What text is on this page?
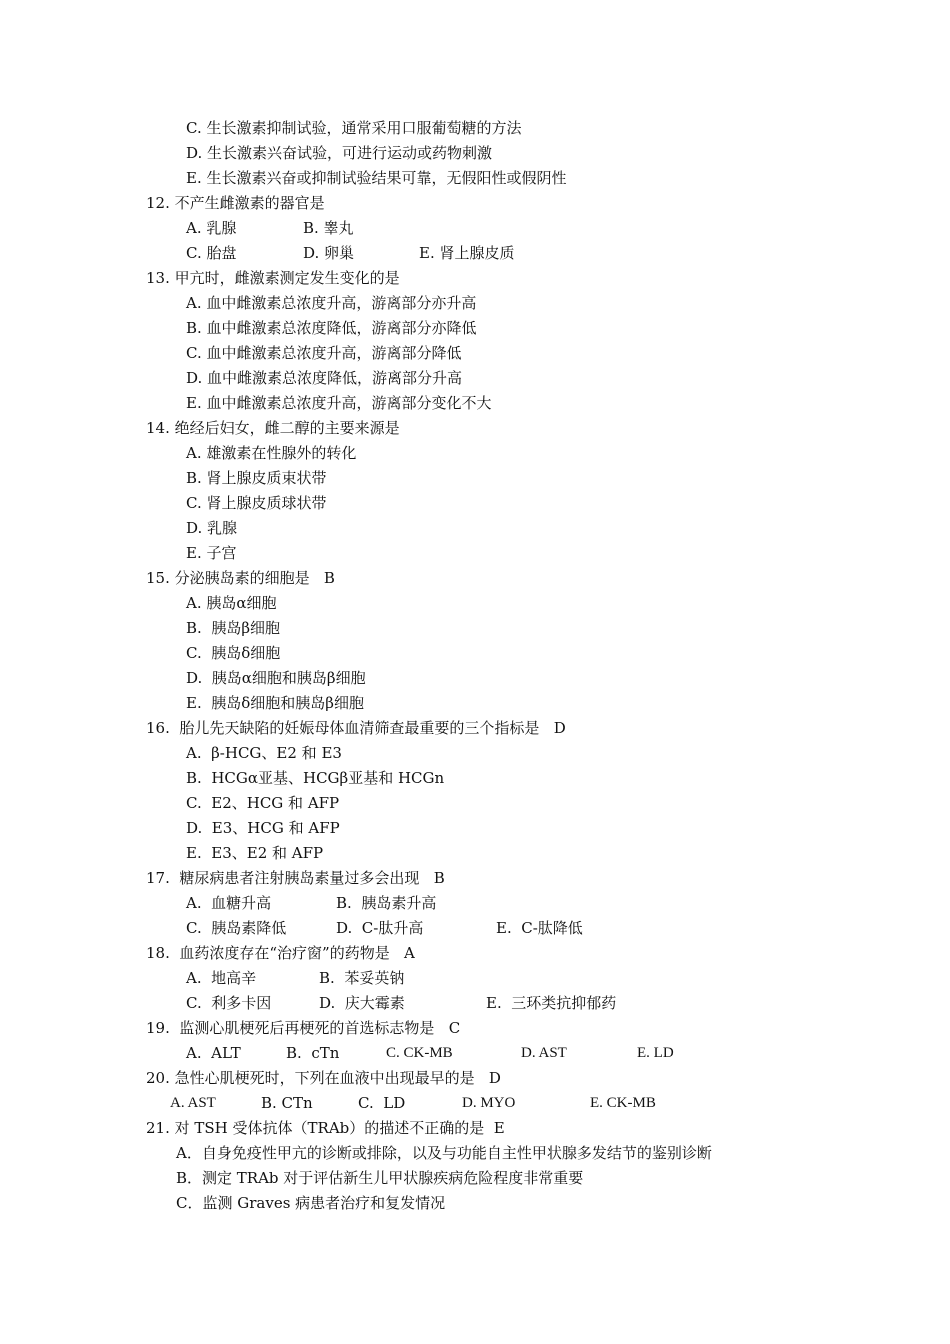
C. 生长激素抑制试验，通常采用口服葡萄糖的方法
D. 生长激素兴奋试验，可进行运动或药物刺激
E. 生长激素兴奋或抑制试验结果可靠，无假阳性或假阴性
12. 不产生雌激素的器官是
A. 乳腺	B. 睾丸
C. 胎盘	D. 卵巢	E. 肾上腺皮质
13. 甲亢时，雌激素测定发生变化的是
A. 血中雌激素总浓度升高，游离部分亦升高
B. 血中雌激素总浓度降低，游离部分亦降低
C. 血中雌激素总浓度升高，游离部分降低
D. 血中雌激素总浓度降低，游离部分升高
E. 血中雌激素总浓度升高，游离部分变化不大
14. 绝经后妇女，雌二醇的主要来源是
A. 雄激素在性腺外的转化
B. 肾上腺皮质束状带
C. 肾上腺皮质球状带
D. 乳腺
E. 子宫
15. 分泌胰岛素的细胞是   B
A. 胰岛α细胞
B.  胰岛β细胞
C.  胰岛δ细胞
D.  胰岛α细胞和胰岛β细胞
E.  胰岛δ细胞和胰岛β细胞
16.  胎儿先天缺陷的妊娠母体血清筛查最重要的三个指标是   D
A.  β-HCG、E2 和 E3
B.  HCGα亚基、HCGβ亚基和 HCGn
C.  E2、HCG 和 AFP
D.  E3、HCG 和 AFP
E.  E3、E2 和 AFP
17.  糖尿病患者注射胰岛素量过多会出现   B
A.  血糖升高	B.  胰岛素升高
C.  胰岛素降低	D.  C-肽升高	E.  C-肽降低
18.  血药浓度存在“治疗窗”的药物是   A
A.  地高辛	B.  苯妥英钠
C.  利多卡因	D.  庆大霉素	E.  三环类抗抑郁药
19.  监测心肌梗死后再梗死的首选标志物是   C
A.  ALT	B.  cTn	C. CK-MB	D. AST	E. LD
20. 急性心肌梗死时，下列在血液中出现最早的是   D
A. AST	B. CTn	C.  LD	D. MYO	E. CK-MB
21. 对 TSH 受体抗体（TRAb）的描述不正确的是  E
A．自身免疫性甲亢的诊断或排除，以及与功能自主性甲状腺多发结节的鉴别诊断
B．测定 TRAb 对于评估新生儿甲状腺疾病危险程度非常重要
C．监测 Graves 病患者治疗和复发情况
